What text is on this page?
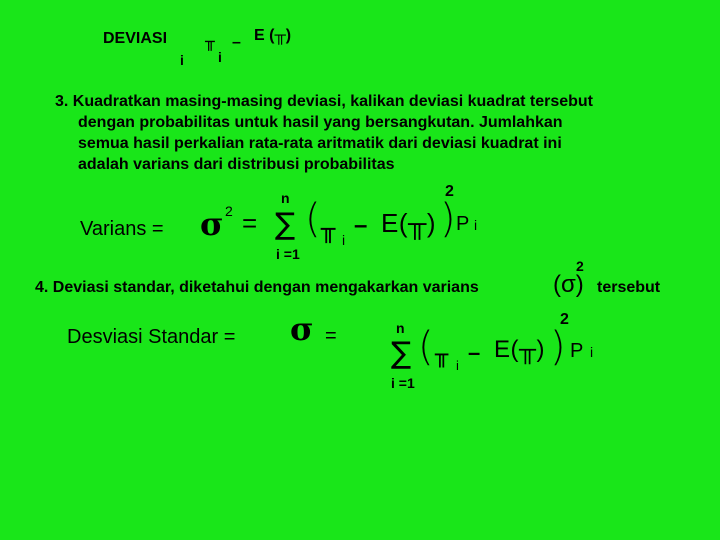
DEVIASI
i
╥
i
– E (╥)
3. Kuadratkan masing-masing deviasi, kalikan deviasi kuadrat tersebut
dengan probabilitas untuk hasil yang bersangkutan. Jumlahkan
semua hasil perkalian rata-rata aritmatik dari deviasi kuadrat ini
adalah varians dari distribusi probabilitas
Varians = σ 2 =
n
∑
i =1
( ╥ i
– E(╥) )
2
P i
4. Deviasi standar, diketahui dengan mengakarkan varians	(σ)
2
tersebut
Desviasi Standar = σ =	n
∑
i =1
( ╥ i
– E(╥) )
2
P i
